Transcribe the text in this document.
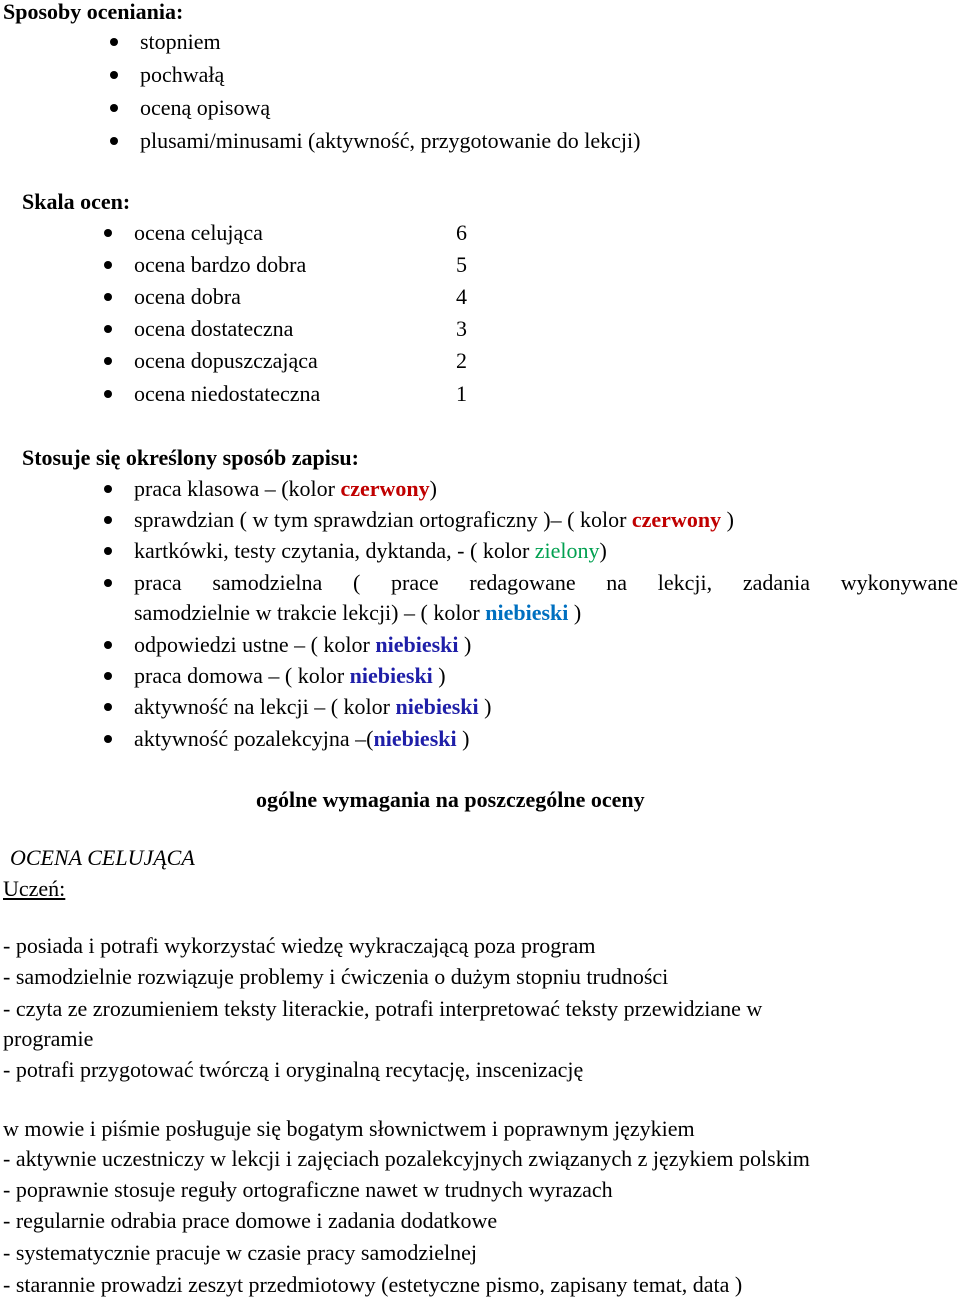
Sposoby oceniania:
stopniem
pochwałą
oceną opisową
plusami/minusami (aktywność, przygotowanie do lekcji)
Skala ocen:
ocena celująca	6
ocena bardzo dobra	5
ocena dobra	4
ocena dostateczna	3
ocena dopuszczająca	2
ocena niedostateczna	1
Stosuje się określony sposób zapisu:
praca klasowa – (kolor czerwony)
sprawdzian ( w tym sprawdzian ortograficzny )– ( kolor czerwony )
kartkówki, testy czytania, dyktanda, - ( kolor zielony)
praca samodzielna ( prace redagowane na lekcji, zadania wykonywane
samodzielnie w trakcie lekcji) – ( kolor niebieski )
odpowiedzi ustne – ( kolor niebieski )
praca domowa – ( kolor niebieski )
aktywność na lekcji – ( kolor niebieski )
aktywność pozalekcyjna –(niebieski )
ogólne wymagania na poszczególne oceny
OCENA CELUJĄCA
Uczeń:
- posiada i potrafi wykorzystać wiedzę wykraczającą poza program
- samodzielnie rozwiązuje problemy i ćwiczenia o dużym stopniu trudności
- czyta ze zrozumieniem teksty literackie, potrafi interpretować teksty przewidziane w
programie
- potrafi przygotować twórczą i oryginalną recytację, inscenizację
w mowie i piśmie posługuje się bogatym słownictwem i poprawnym językiem
- aktywnie uczestniczy w lekcji i zajęciach pozalekcyjnych związanych z językiem polskim
- poprawnie stosuje reguły ortograficzne nawet w trudnych wyrazach
- regularnie odrabia prace domowe i zadania dodatkowe
- systematycznie pracuje w czasie pracy samodzielnej
- starannie prowadzi zeszyt przedmiotowy (estetyczne pismo, zapisany temat, data )
